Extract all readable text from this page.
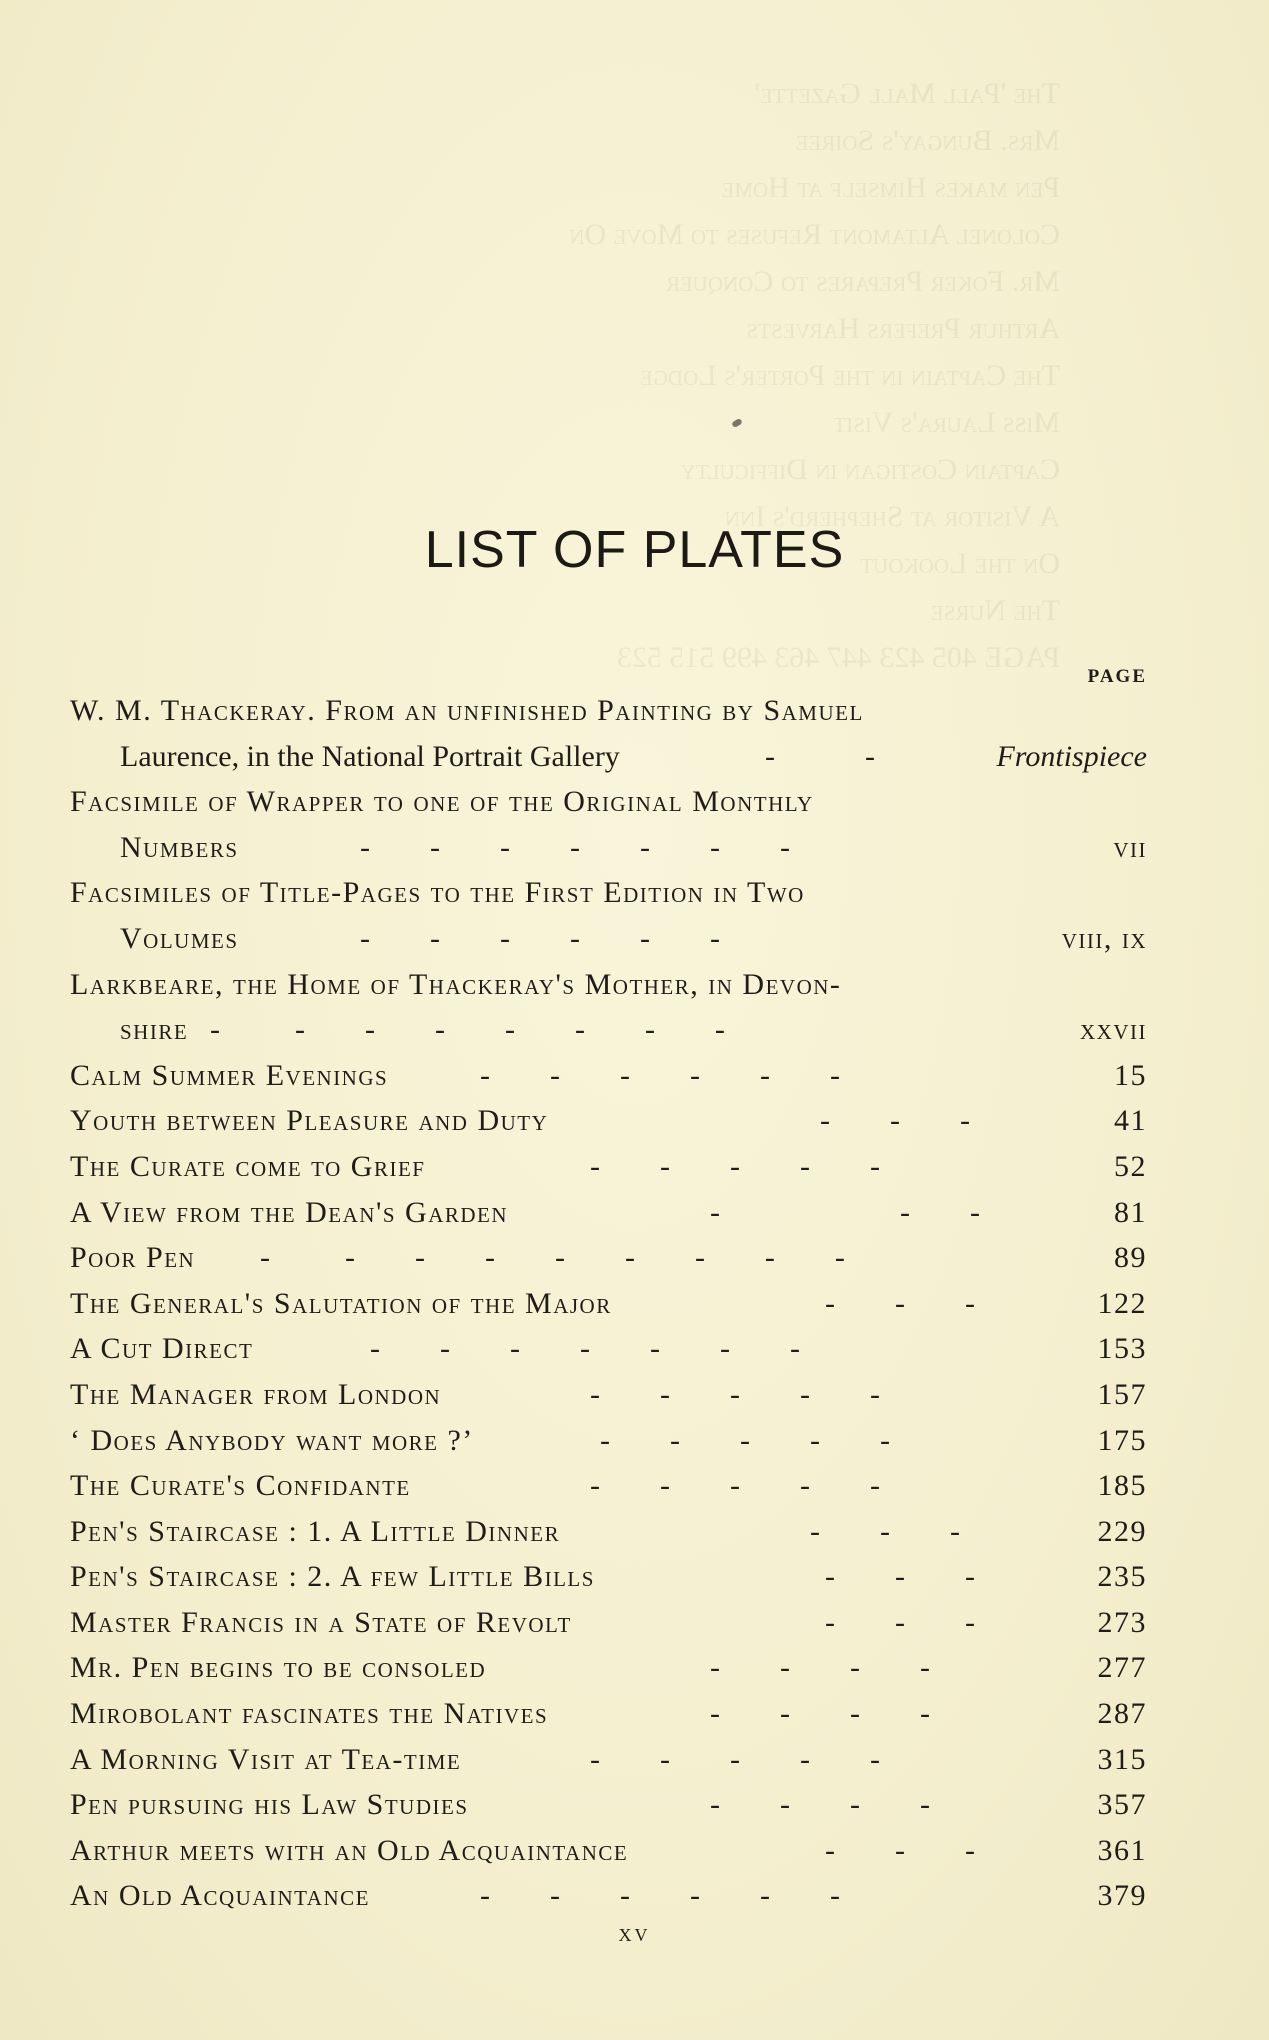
The 'Pall Mall Gazette'
Mrs. Bungay's Soiree
Pen makes Himself at Home
Colonel Altamont Refuses to Move On
Mr. Foker Prepares to Conquer
Arthur Prefers Harvests
The Captain in the Porter's Lodge
Miss Laura's Visit
Captain Costigan in Difficulty
A Visitor at Shepherd's Inn
On the Lookout
The Nurse
PAGE 405 423 447 463 499 515 523
LIST OF PLATES
PAGE
W. M. Thackeray. From an unfinished Painting by Samuel
Laurence, in the National Portrait Gallery	-            -	Frontispiece
Facsimile of Wrapper to one of the Original Monthly
Numbers	-        -        -        -        -        -        -	vii
Facsimiles of Title-Pages to the First Edition in Two
Volumes	-        -        -        -        -        -	viii, ix
Larkbeare, the Home of Thackeray's Mother, in Devon-
shire -          -        -        -        -        -        -        -	xxvii
Calm Summer Evenings	-        -        -        -        -        -	15
Youth between Pleasure and Duty	-        -        -	41
The Curate come to Grief	-        -        -        -        -	52
A View from the Dean's Garden	-                        -        -	81
Poor Pen -          -        -        -        -        -        -        -        -	89
The General's Salutation of the Major	-        -        -	122
A Cut Direct	-        -        -        -        -        -        -	153
The Manager from London	-        -        -        -        -	157
‘ Does Anybody want more ?’	-        -        -        -        -	175
The Curate's Confidante	-        -        -        -        -	185
Pen's Staircase : 1. A Little Dinner	-        -        -	229
Pen's Staircase : 2. A few Little Bills	-        -        -	235
Master Francis in a State of Revolt	-        -        -	273
Mr. Pen begins to be consoled	-        -        -        -	277
Mirobolant fascinates the Natives	-        -        -        -	287
A Morning Visit at Tea-time	-        -        -        -        -	315
Pen pursuing his Law Studies	-        -        -        -	357
Arthur meets with an Old Acquaintance	-        -        -	361
An Old Acquaintance	-        -        -        -        -        -	379
xv
